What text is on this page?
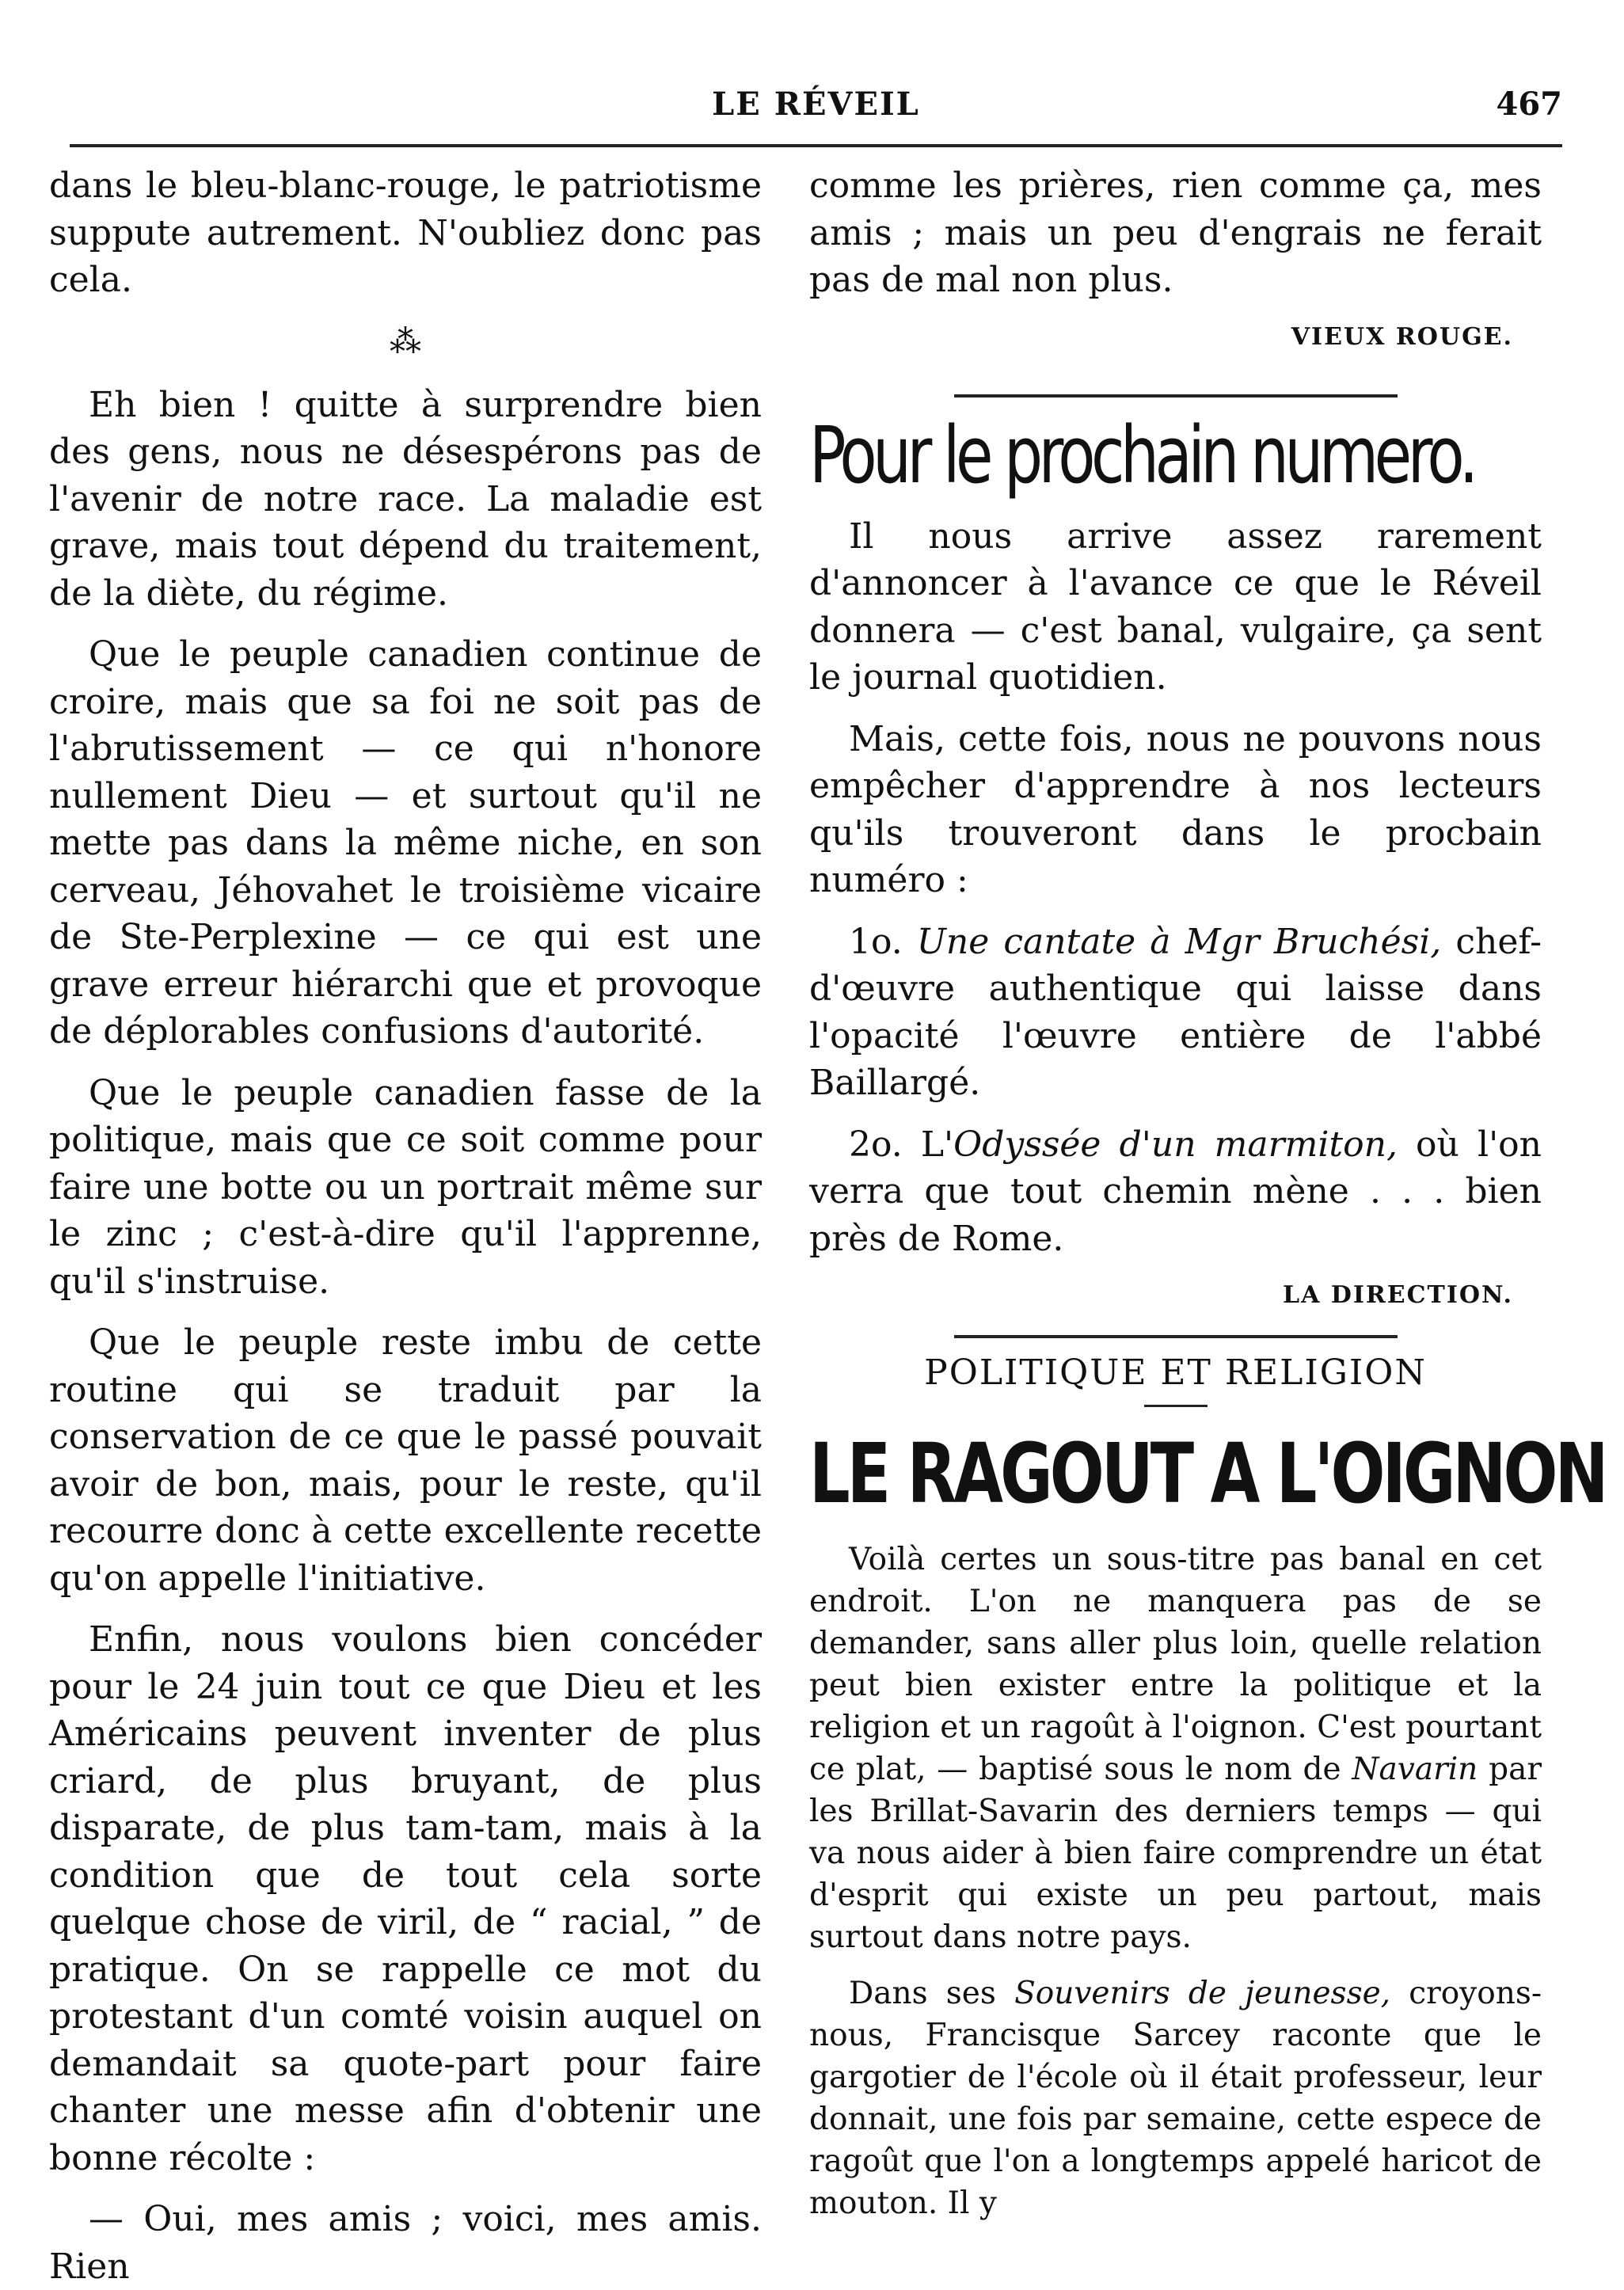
LE RÉVEIL	467

dans le bleu-blanc-rouge, le patriotisme suppute autrement. N'oubliez donc pas cela.

⁂

Eh bien ! quitte à surprendre bien des gens, nous ne désespérons pas de l'avenir de notre race. La maladie est grave, mais tout dépend du traitement, de la diète, du régime.

Que le peuple canadien continue de croire, mais que sa foi ne soit pas de l'abrutissement — ce qui n'honore nullement Dieu — et surtout qu'il ne mette pas dans la même niche, en son cerveau, Jéhovahet le troisième vicaire de Ste-Perplexine — ce qui est une grave erreur hiérarchi que et provoque de déplorables confusions d'autorité.

Que le peuple canadien fasse de la politique, mais que ce soit comme pour faire une botte ou un portrait même sur le zinc ; c'est-à-dire qu'il l'apprenne, qu'il s'instruise.

Que le peuple reste imbu de cette routine qui se traduit par la conservation de ce que le passé pouvait avoir de bon, mais, pour le reste, qu'il recourre donc à cette excellente recette qu'on appelle l'initiative.

Enfin, nous voulons bien concéder pour le 24 juin tout ce que Dieu et les Américains peuvent inventer de plus criard, de plus bruyant, de plus disparate, de plus tam-tam, mais à la condition que de tout cela sorte quelque chose de viril, de “ racial, ” de pratique. On se rappelle ce mot du protestant d'un comté voisin auquel on demandait sa quote-part pour faire chanter une messe afin d'obtenir une bonne récolte :

— Oui, mes amis ; voici, mes amis. Rien

comme les prières, rien comme ça, mes amis ; mais un peu d'engrais ne ferait pas de mal non plus.

VIEUX ROUGE.
Pour le prochain numero.

Il nous arrive assez rarement d'annoncer à l'avance ce que le Réveil donnera — c'est banal, vulgaire, ça sent le journal quotidien.

Mais, cette fois, nous ne pouvons nous empêcher d'apprendre à nos lecteurs qu'ils trouveront dans le procbain numéro :

1o. Une cantate à Mgr Bruchési, chef-d'œuvre authentique qui laisse dans l'opacité l'œuvre entière de l'abbé Baillargé.

2o. L'Odyssée d'un marmiton, où l'on verra que tout chemin mène . . . bien près de Rome.

LA DIRECTION.
POLITIQUE ET RELIGION
LE RAGOUT A L'OIGNON

Voilà certes un sous-titre pas banal en cet endroit. L'on ne manquera pas de se demander, sans aller plus loin, quelle relation peut bien exister entre la politique et la religion et un ragoût à l'oignon. C'est pourtant ce plat, — baptisé sous le nom de Navarin par les Brillat-Savarin des derniers temps — qui va nous aider à bien faire comprendre un état d'esprit qui existe un peu partout, mais surtout dans notre pays.

Dans ses Souvenirs de jeunesse, croyons-nous, Francisque Sarcey raconte que le gargotier de l'école où il était professeur, leur donnait, une fois par semaine, cette espece de ragoût que l'on a longtemps appelé haricot de mouton. Il y
